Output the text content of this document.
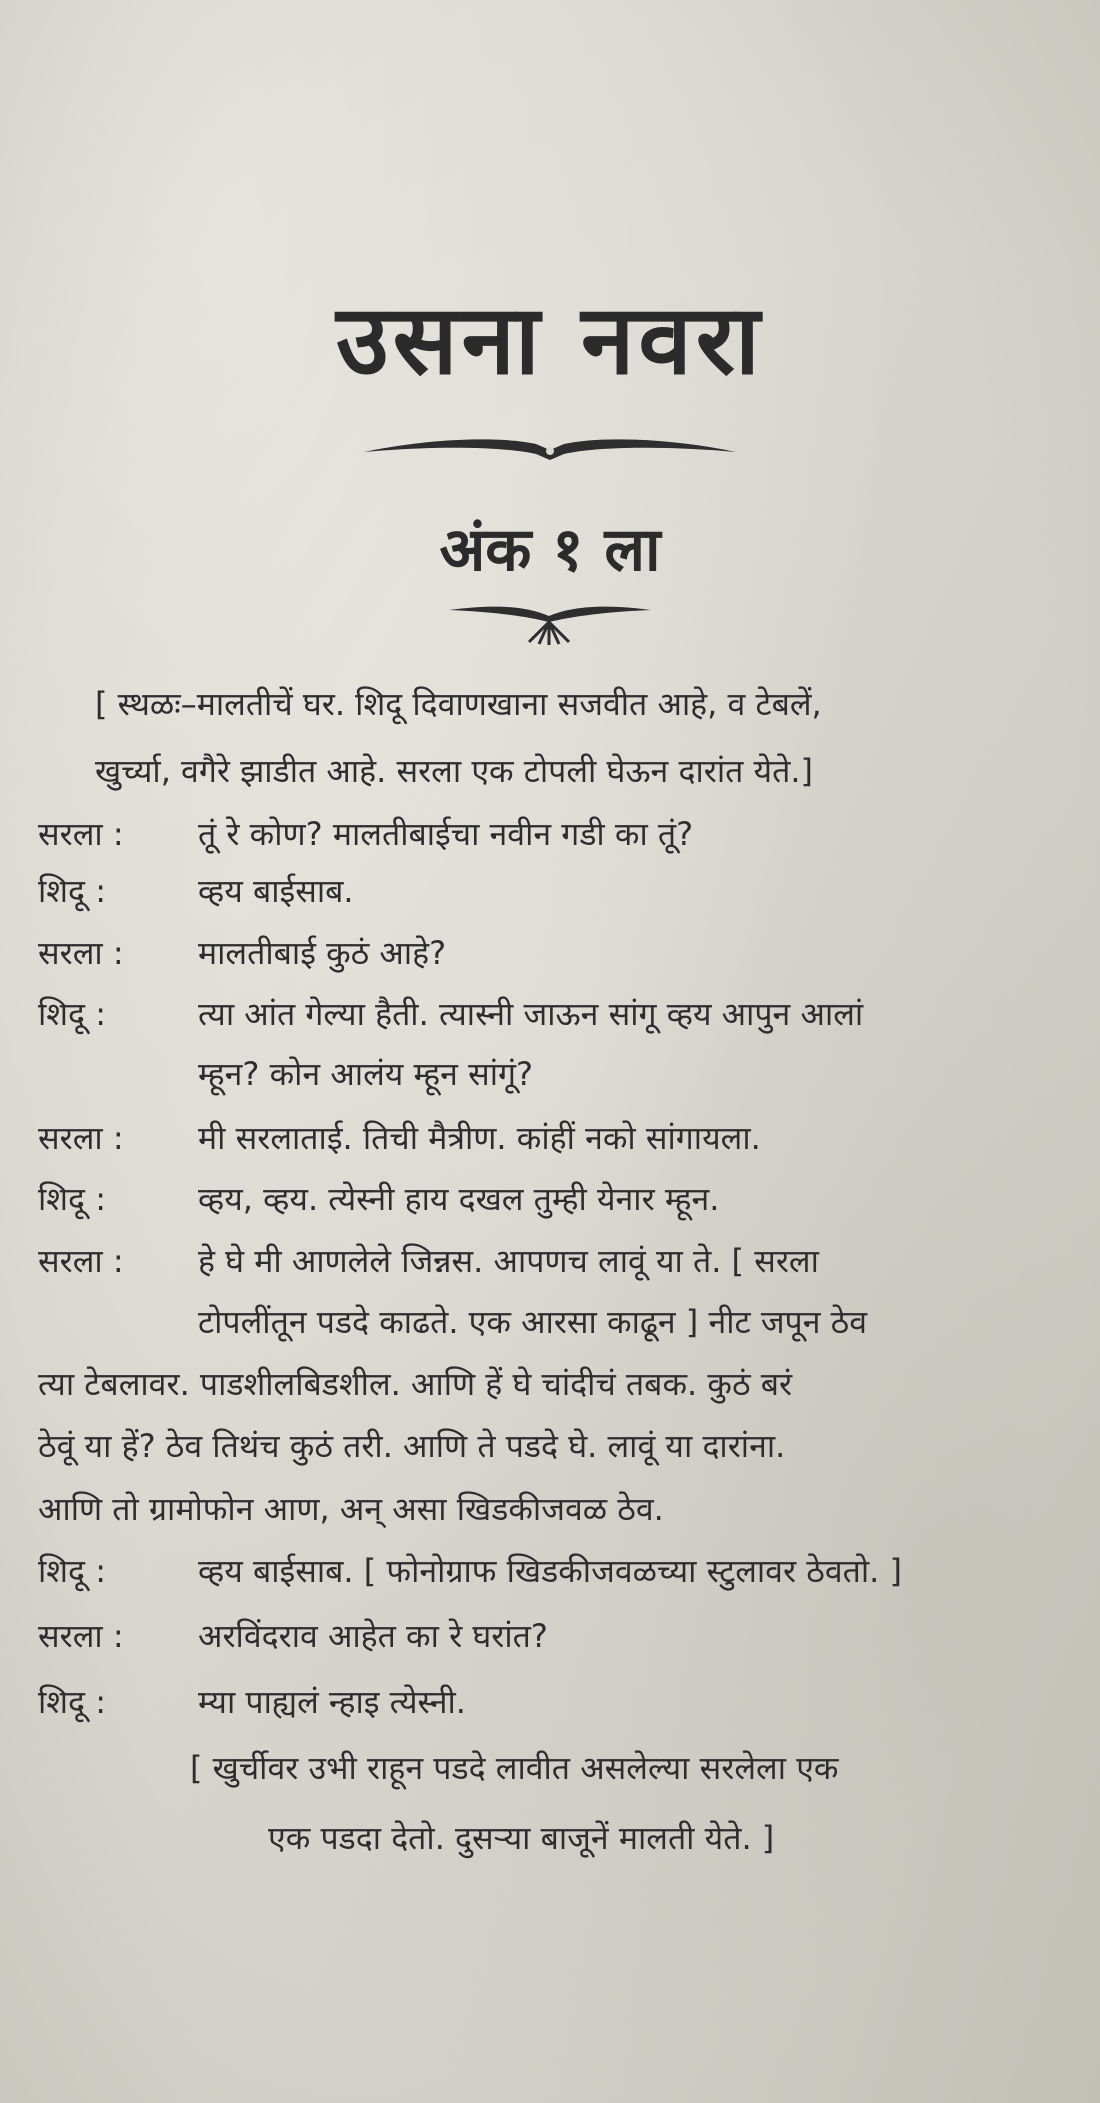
उसना नवरा
अंक १ ला
[ स्थळः–मालतीचें घर. शिदू दिवाणखाना सजवीत आहे, व टेबलें,
खुर्च्या, वगैरे झाडीत आहे. सरला एक टोपली घेऊन दारांत येते.]
सरला : तूं रे कोण? मालतीबाईचा नवीन गडी का तूं?
शिदू :	व्हय बाईसाब.
सरला : मालतीबाई कुठं आहे?
शिदू :	त्या आंत गेल्या हैती. त्यास्नी जाऊन सांगू व्हय आपुन आलां
म्हून? कोन आलंय म्हून सांगूं?
सरला : मी सरलाताई. तिची मैत्रीण. कांहीं नको सांगायला.
शिदू :	व्हय, व्हय. त्येस्नी हाय दखल तुम्ही येनार म्हून.
सरला : हे घे मी आणलेले जिन्नस. आपणच लावूं या ते. [ सरला
टोपलींतून पडदे काढते. एक आरसा काढून ] नीट जपून ठेव
त्या टेबलावर. पाडशीलबिडशील. आणि हें घे चांदीचं तबक. कुठं बरं
ठेवूं या हें? ठेव तिथंच कुठं तरी. आणि ते पडदे घे. लावूं या दारांना.
आणि तो ग्रामोफोन आण, अन् असा खिडकीजवळ ठेव.
शिदू :	व्हय बाईसाब. [ फोनोग्राफ खिडकीजवळच्या स्टुलावर ठेवतो. ]
सरला : अरविंदराव आहेत का रे घरांत?
शिदू :	म्या पाह्यलं न्हाइ त्येस्नी.
[ खुर्चीवर उभी राहून पडदे लावीत असलेल्या सरलेला एक
एक पडदा देतो. दुसऱ्या बाजूनें मालती येते. ]
